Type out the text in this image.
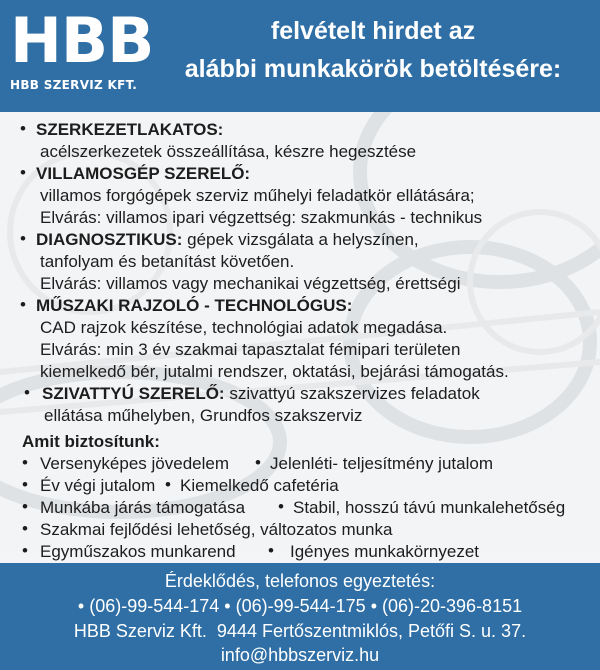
HBB
HBB SZERVIZ KFT.
felvételt hirdet az
alábbi munkakörök betöltésére:
• SZERKEZETLAKATOS:
acélszerkezetek összeállítása, készre hegesztése
• VILLAMOSGÉP SZERELŐ:
villamos forgógépek szerviz műhelyi feladatkör ellátására;
Elvárás: villamos ipari végzettség: szakmunkás - technikus
• DIAGNOSZTIKUS: gépek vizsgálata a helyszínen,
tanfolyam és betanítást követően.
Elvárás: villamos vagy mechanikai végzettség, érettségi
• MŰSZAKI RAJZOLÓ - TECHNOLÓGUS:
CAD rajzok készítése, technológiai adatok megadása.
Elvárás: min 3 év szakmai tapasztalat fémipari területen
kiemelkedő bér, jutalmi rendszer, oktatási, bejárási támogatás.
• SZIVATTYÚ SZERELŐ: szivattyú szakszervizes feladatok
ellátása műhelyben, Grundfos szakszerviz
Amit biztosítunk:
• Versenyképes jövedelem • Jelenléti- teljesítmény jutalom
• Év végi jutalom • Kiemelkedő cafetéria
• Munkába járás támogatása • Stabil, hosszú távú munkalehetőség
• Szakmai fejlődési lehetőség, változatos munka
• Egyműszakos munkarend • Igényes munkakörnyezet
Érdeklődés, telefonos egyeztetés:
• (06)-99-544-174 • (06)-99-544-175 • (06)-20-396-8151
HBB Szerviz Kft.  9444 Fertőszentmiklós, Petőfi S. u. 37.
info@hbbszerviz.hu
